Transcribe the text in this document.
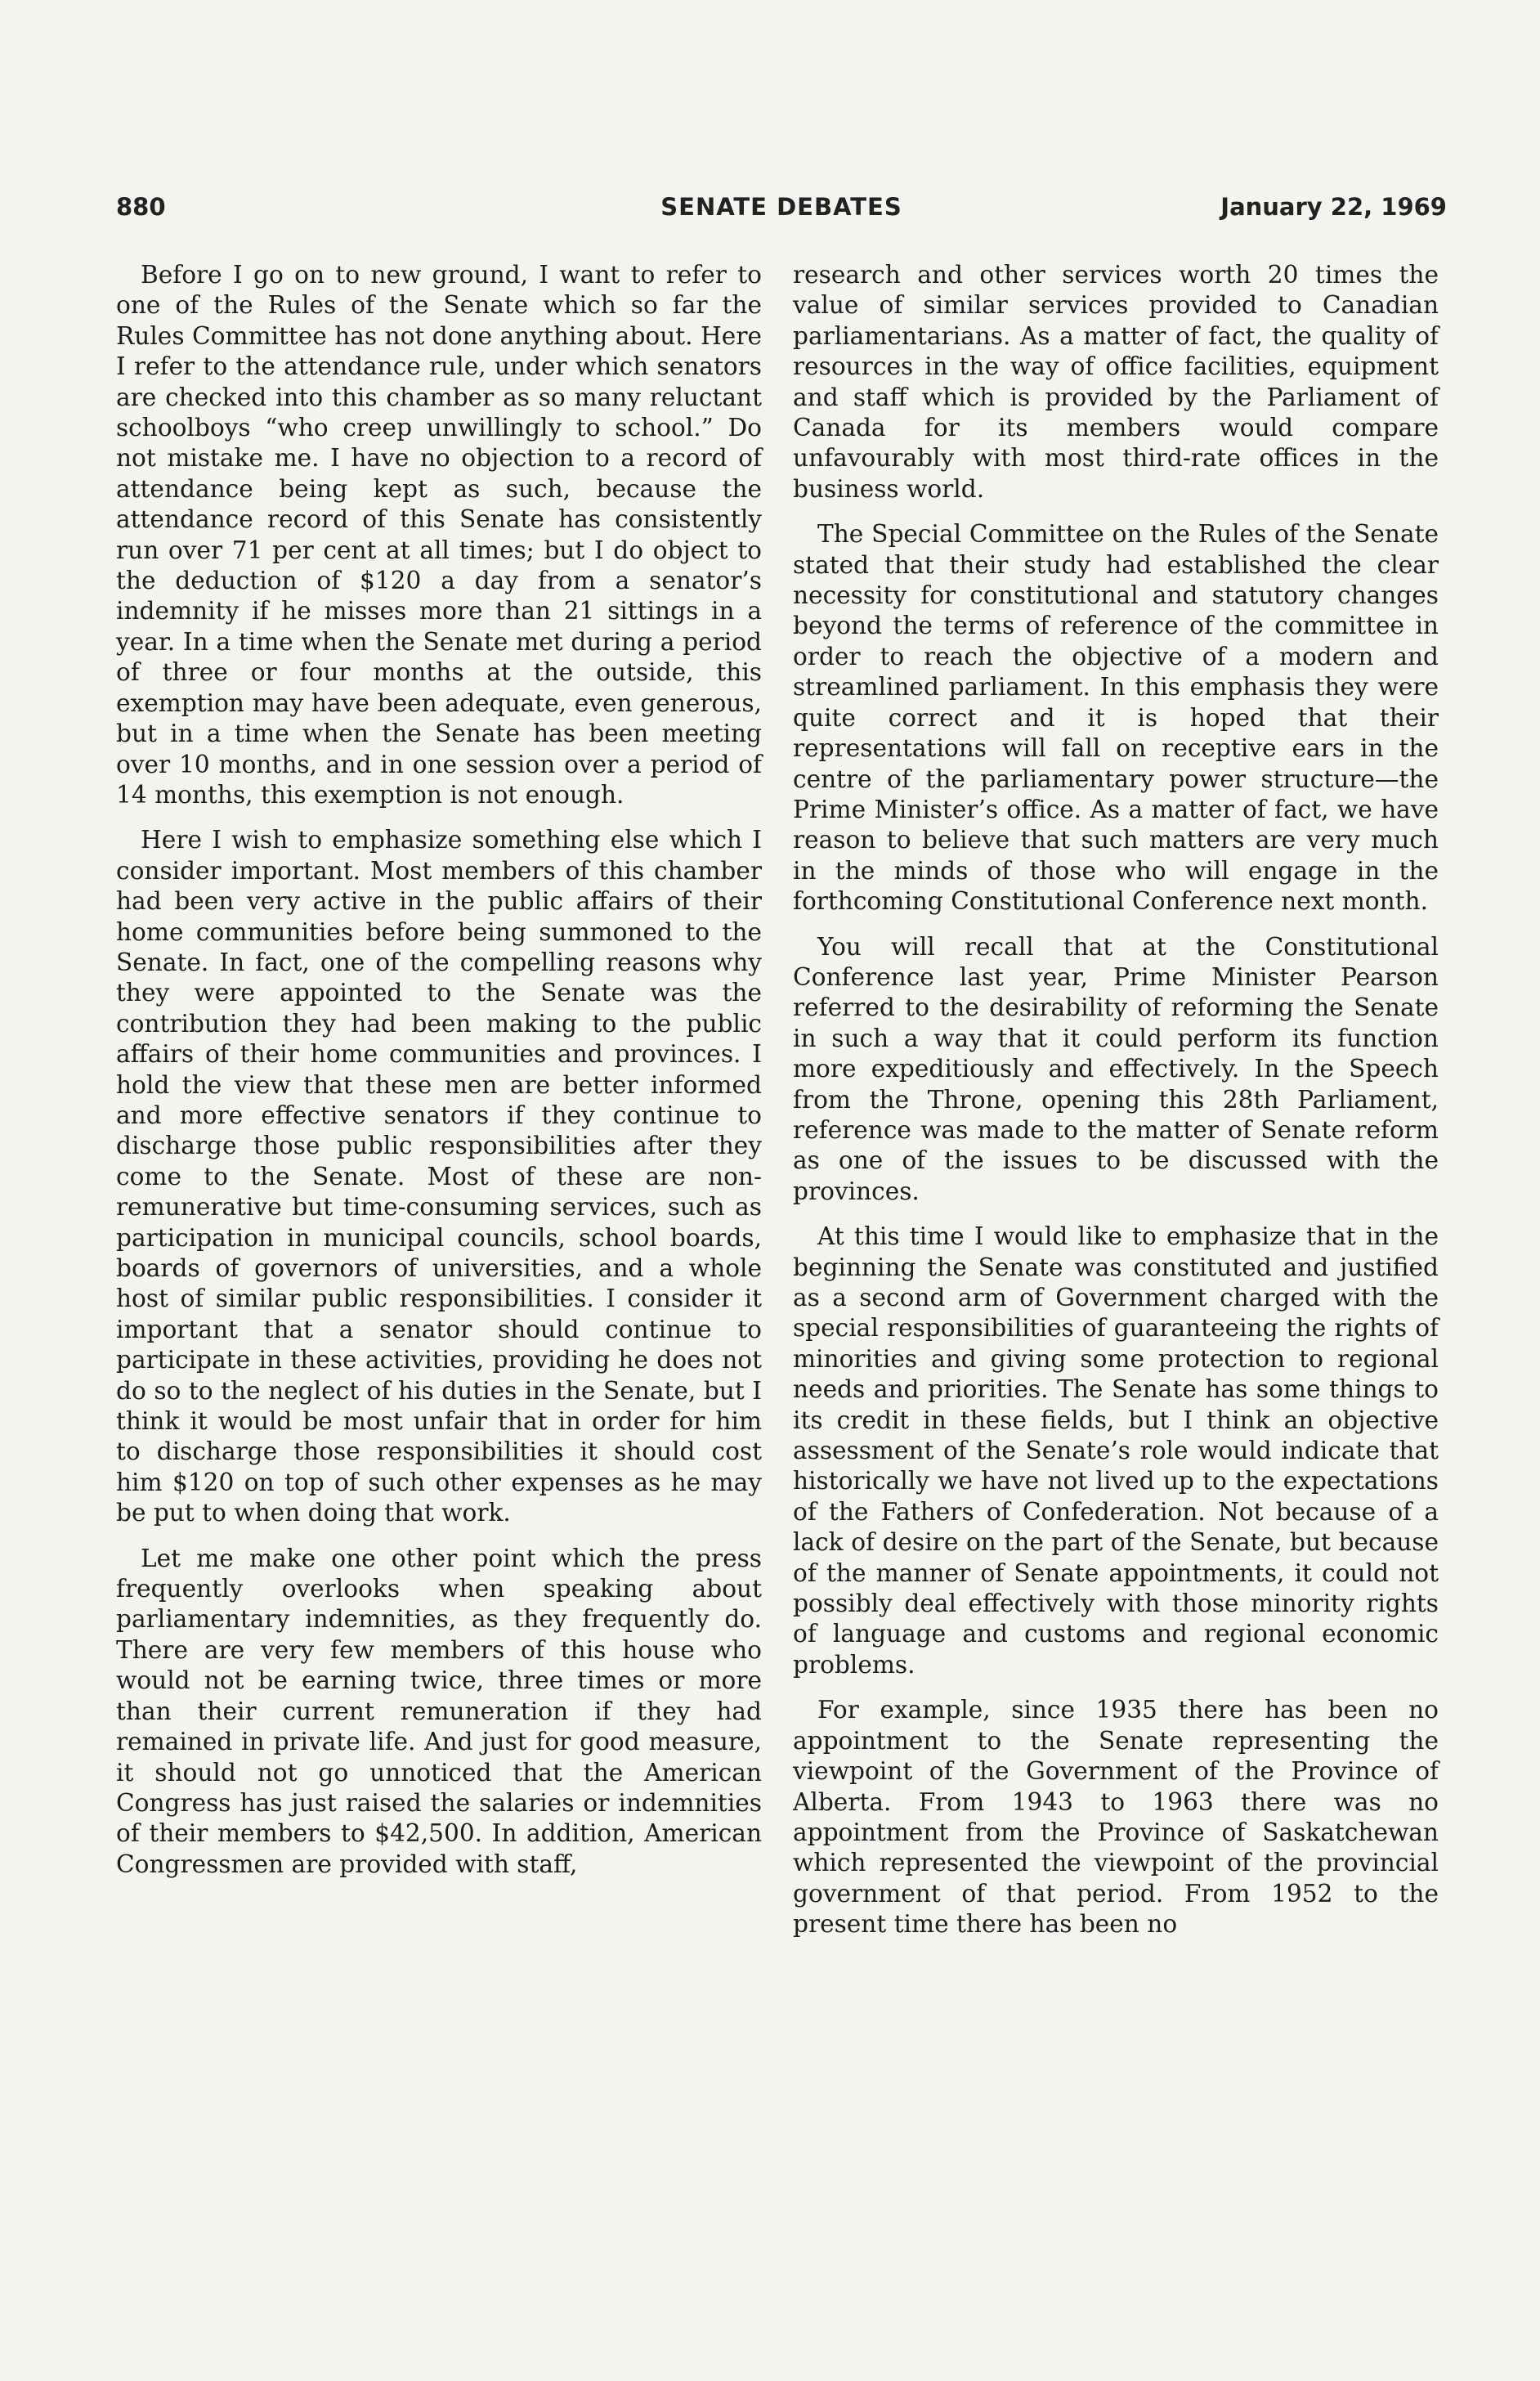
880	SENATE DEBATES	January 22, 1969

Before I go on to new ground, I want to refer to one of the Rules of the Senate which so far the Rules Committee has not done anything about. Here I refer to the attendance rule, under which senators are checked into this chamber as so many reluctant schoolboys “who creep unwillingly to school.” Do not mistake me. I have no objection to a record of attendance being kept as such, because the attendance record of this Senate has consistently run over 71 per cent at all times; but I do object to the deduction of $120 a day from a senator’s indemnity if he misses more than 21 sittings in a year. In a time when the Senate met during a period of three or four months at the outside, this exemption may have been adequate, even generous, but in a time when the Senate has been meeting over 10 months, and in one session over a period of 14 months, this exemption is not enough.

Here I wish to emphasize something else which I consider important. Most members of this chamber had been very active in the public affairs of their home communities before being summoned to the Senate. In fact, one of the compelling reasons why they were appointed to the Senate was the contribution they had been making to the public affairs of their home communities and provinces. I hold the view that these men are better informed and more effective senators if they continue to discharge those public responsibilities after they come to the Senate. Most of these are non-remunerative but time-consuming services, such as participation in municipal councils, school boards, boards of governors of universities, and a whole host of similar public responsibilities. I consider it important that a senator should continue to participate in these activities, providing he does not do so to the neglect of his duties in the Senate, but I think it would be most unfair that in order for him to discharge those responsibilities it should cost him $120 on top of such other expenses as he may be put to when doing that work.

Let me make one other point which the press frequently overlooks when speaking about parliamentary indemnities, as they frequently do. There are very few members of this house who would not be earning twice, three times or more than their current remuneration if they had remained in private life. And just for good measure, it should not go unnoticed that the American Congress has just raised the salaries or indemnities of their members to $42,500. In addition, American Congressmen are provided with staff,

research and other services worth 20 times the value of similar services provided to Canadian parliamentarians. As a matter of fact, the quality of resources in the way of office facilities, equipment and staff which is provided by the Parliament of Canada for its members would compare unfavourably with most third-rate offices in the business world.

The Special Committee on the Rules of the Senate stated that their study had established the clear necessity for constitutional and statutory changes beyond the terms of reference of the committee in order to reach the objective of a modern and streamlined parliament. In this emphasis they were quite correct and it is hoped that their representations will fall on receptive ears in the centre of the parliamentary power structure—the Prime Minister’s office. As a matter of fact, we have reason to believe that such matters are very much in the minds of those who will engage in the forthcoming Constitutional Conference next month.

You will recall that at the Constitutional Conference last year, Prime Minister Pearson referred to the desirability of reforming the Senate in such a way that it could perform its function more expeditiously and effectively. In the Speech from the Throne, opening this 28th Parliament, reference was made to the matter of Senate reform as one of the issues to be discussed with the provinces.

At this time I would like to emphasize that in the beginning the Senate was constituted and justified as a second arm of Government charged with the special responsibilities of guaranteeing the rights of minorities and giving some protection to regional needs and priorities. The Senate has some things to its credit in these fields, but I think an objective assessment of the Senate’s role would indicate that historically we have not lived up to the expectations of the Fathers of Confederation. Not because of a lack of desire on the part of the Senate, but because of the manner of Senate appointments, it could not possibly deal effectively with those minority rights of language and customs and regional economic problems.

For example, since 1935 there has been no appointment to the Senate representing the viewpoint of the Government of the Province of Alberta. From 1943 to 1963 there was no appointment from the Province of Saskatchewan which represented the viewpoint of the provincial government of that period. From 1952 to the present time there has been no
